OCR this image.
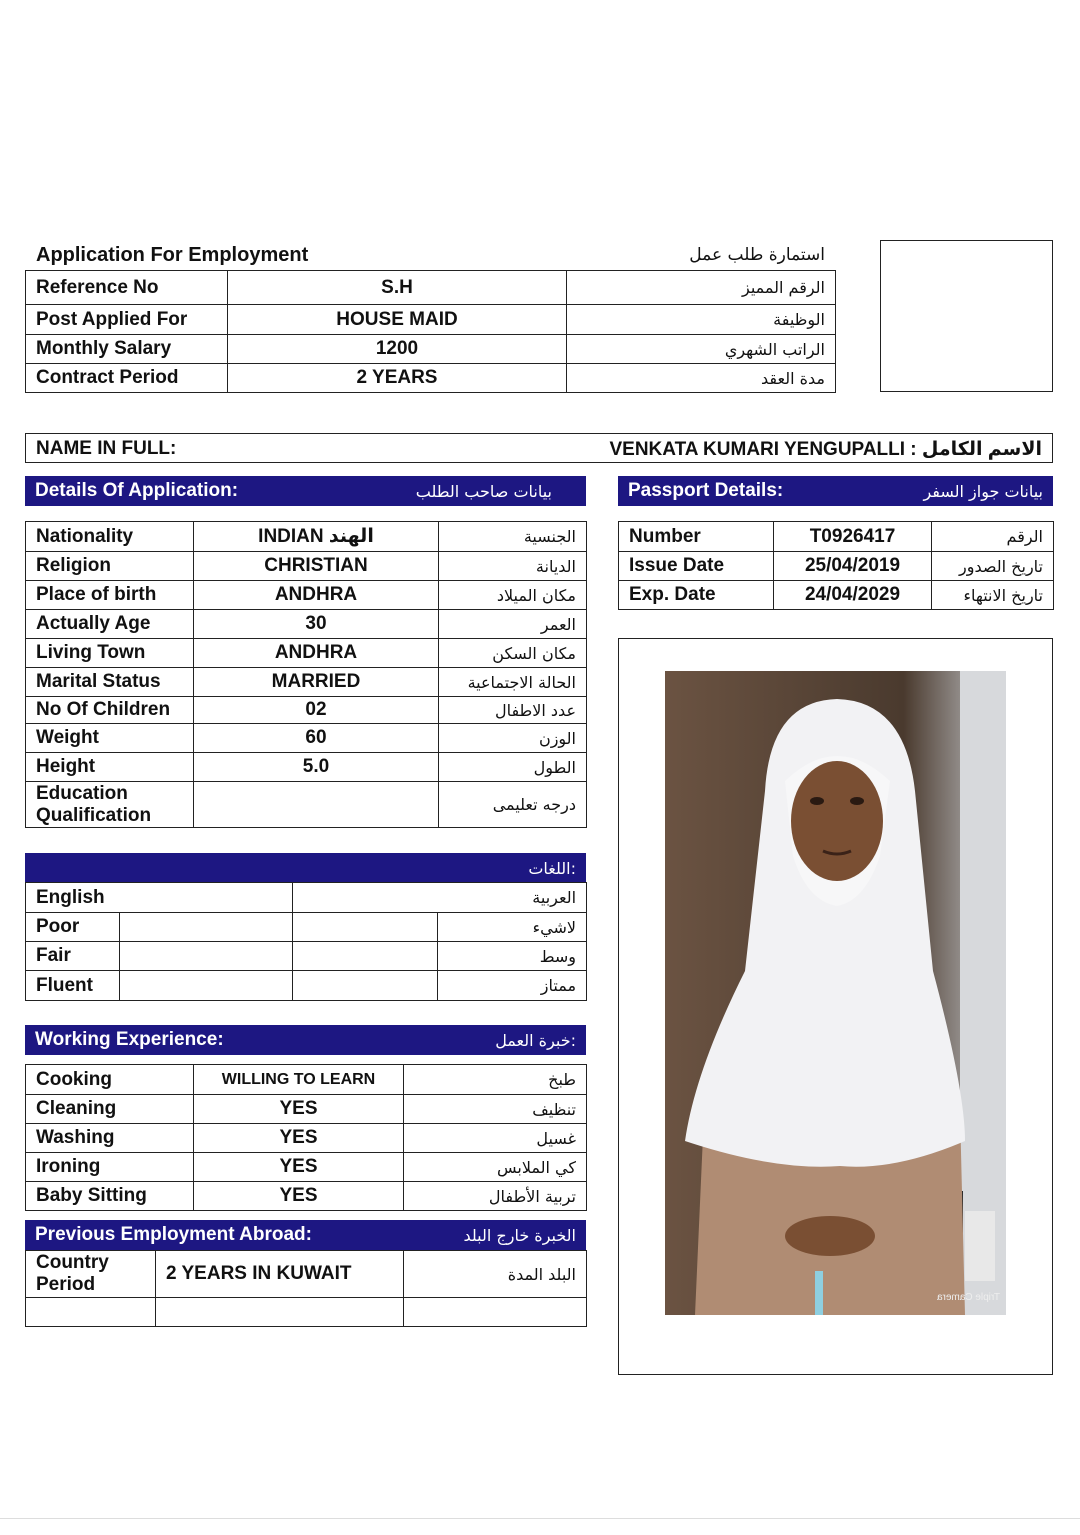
Application For Employment	استمارة طلب عمل
Reference No	S.H	الرقم المميز
Post Applied For	HOUSE MAID	الوظيفة
Monthly Salary	1200	الراتب الشهري
Contract Period	2 YEARS	مدة العقد
NAME IN FULL:	VENKATA KUMARI YENGUPALLI : الاسم الكامل
Details Of Application:	بيانات صاحب الطلب	Passport Details:	بيانات جواز السفر
Nationality	INDIAN الهند	الجنسية
Religion	CHRISTIAN	الديانة
Place of birth	ANDHRA	مكان الميلاد
Actually Age	30	العمر
Living Town	ANDHRA	مكان السكن
Marital Status	MARRIED	الحالة الاجتماعية
No Of Children	02	عدد الاطفال
Weight	60	الوزن
Height	5.0	الطول

Education
Qualification		درجه تعليمى
Number	T0926417	الرقم
Issue Date	25/04/2019	تاريخ الصدور
Exp. Date	24/04/2029	تاريخ الانتهاء
Triple Camera
اللغات:
English		العربية	
Poor			لاشيء
Fair			وسط
Fluent			ممتاز
Working Experience:	خبرة العمل:
Cooking	WILLING TO LEARN	طبخ
Cleaning	YES	تنظيف
Washing	YES	غسيل
Ironing	YES	كي الملابس
Baby Sitting	YES	تربية الأطفال
Previous Employment Abroad:	الخبرة خارج البلد
Country
Period	2 YEARS IN KUWAIT	البلد المدة
